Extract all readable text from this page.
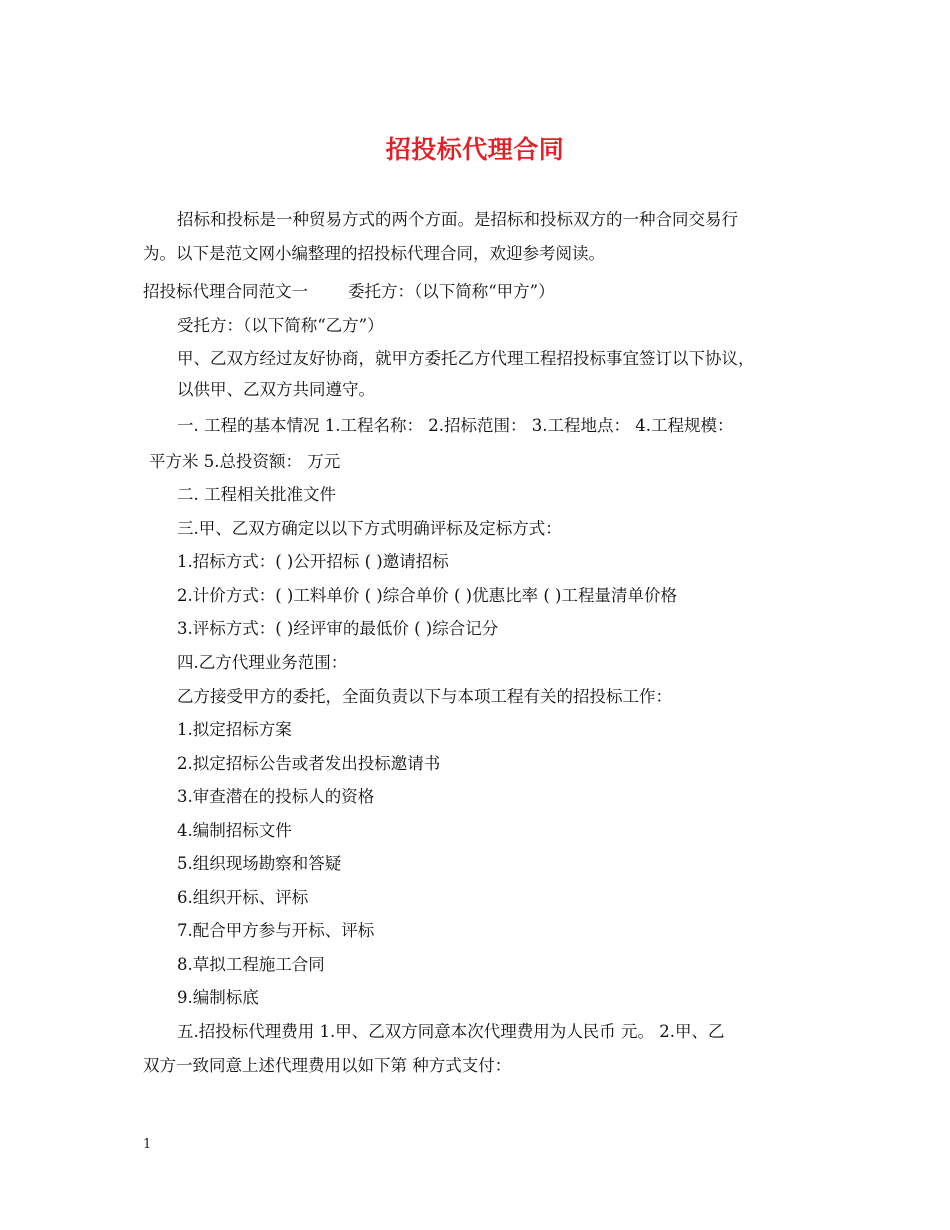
招投标代理合同
招标和投标是一种贸易方式的两个方面。是招标和投标双方的一种合同交易行
为。以下是范文网小编整理的招投标代理合同，欢迎参考阅读。
招投标代理合同范文一 委托方：（以下简称“甲方”）
受托方：（以下简称“乙方”）
甲、乙双方经过友好协商，就甲方委托乙方代理工程招投标事宜签订以下协议，
以供甲、乙双方共同遵守。
一. 工程的基本情况 1.工程名称： 2.招标范围： 3.工程地点： 4.工程规模：
平方米 5.总投资额： 万元
二. 工程相关批准文件
三.甲、乙双方确定以以下方式明确评标及定标方式：
1.招标方式：( )公开招标 ( )邀请招标
2.计价方式：( )工料单价 ( )综合单价 ( )优惠比率 ( )工程量清单价格
3.评标方式：( )经评审的最低价 ( )综合记分
四.乙方代理业务范围：
乙方接受甲方的委托，全面负责以下与本项工程有关的招投标工作：
1.拟定招标方案
2.拟定招标公告或者发出投标邀请书
3.审查潜在的投标人的资格
4.编制招标文件
5.组织现场勘察和答疑
6.组织开标、评标
7.配合甲方参与开标、评标
8.草拟工程施工合同
9.编制标底
五.招投标代理费用 1.甲、乙双方同意本次代理费用为人民币 元。 2.甲、乙
双方一致同意上述代理费用以如下第 种方式支付：
1
